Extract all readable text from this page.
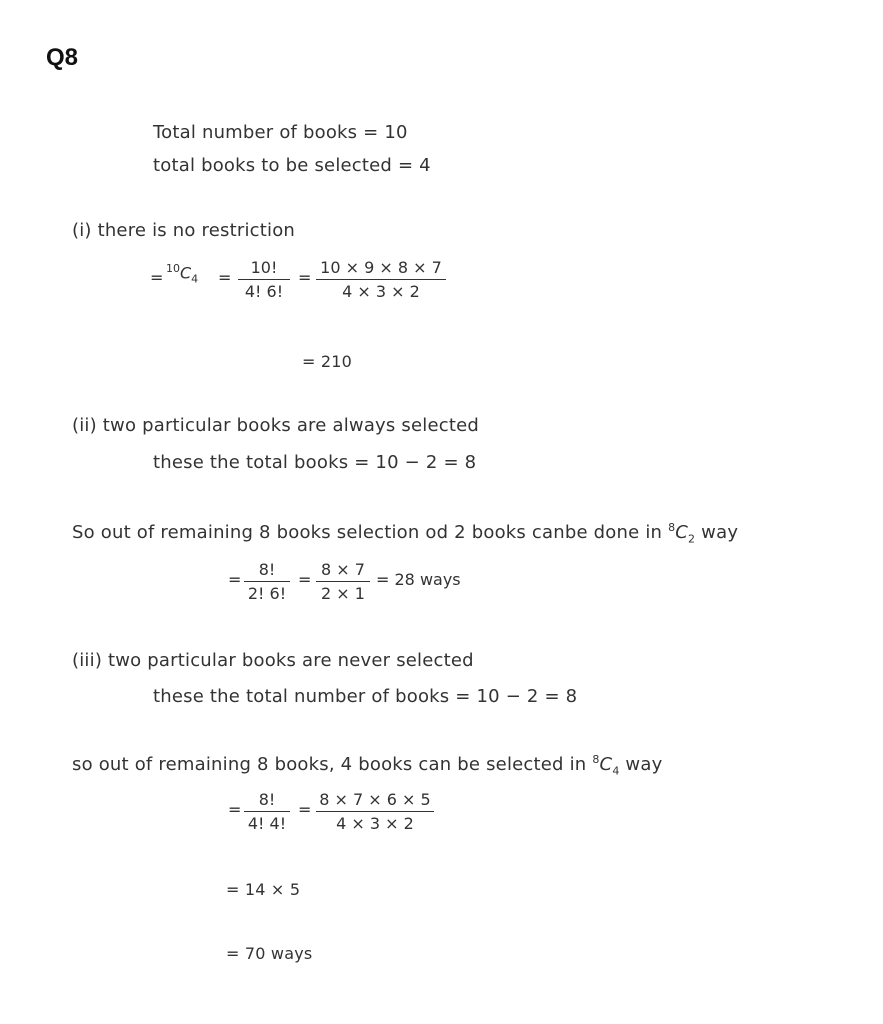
Q8
Total number of books = 10
total books to be selected = 4
(i) there is no restriction
= $^{10}C_4 = \frac{10!}{4! 6!} = \frac{10 \times 9 \times 8 \times 7}{4 \times 3 \times 2}$
= 210
(ii) two particular books are always selected
these the total books = 10 − 2 = 8
So out of remaining 8 books selection od 2 books canbe done in $^8C_2$ way
= $\frac{8!}{2! 6!} = \frac{8 \times 7}{2 \times 1} = 28$ ways
(iii) two particular books are never selected
these the total number of books = 10 − 2 = 8
so out of remaining 8 books, 4 books can be selected in $^8C_4$ way
= $\frac{8!}{4! 4!} = \frac{8 \times 7 \times 6 \times 5}{4 \times 3 \times 2}$
= 14 × 5
= 70 ways
